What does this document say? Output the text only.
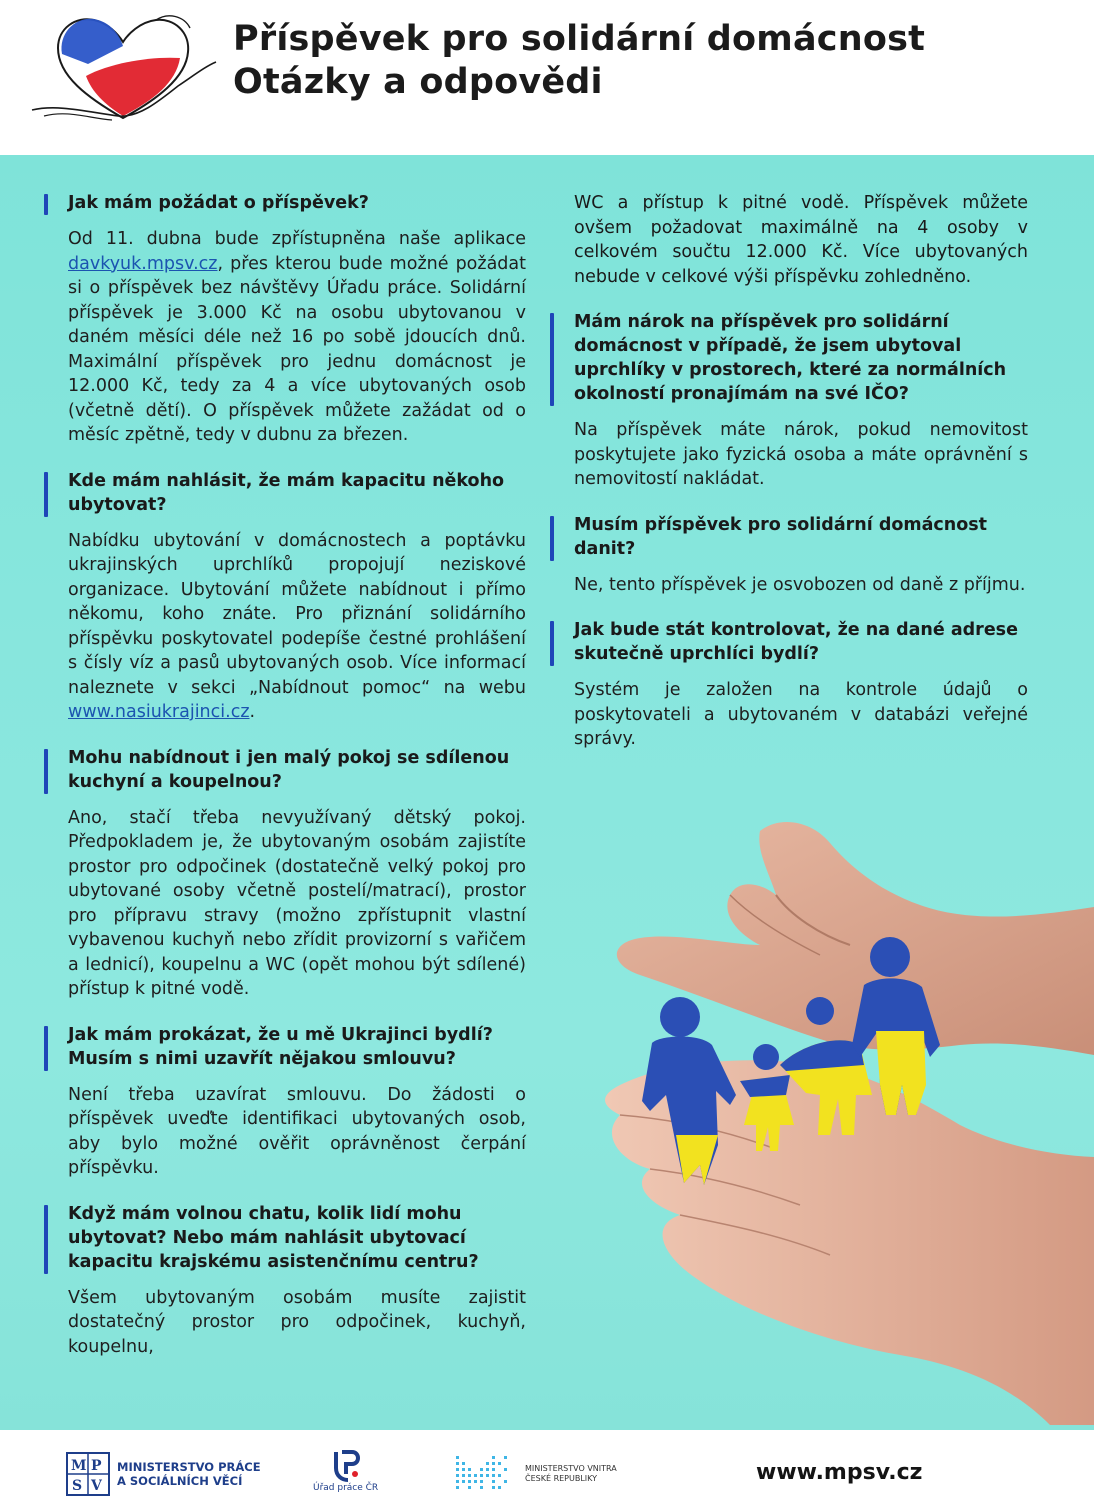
Příspěvek pro solidární domácnost
Otázky a odpovědi
Jak mám požádat o příspěvek?
Od 11. dubna bude zpřístupněna naše aplikace davkyuk.mpsv.cz, přes kterou bude možné požádat si o příspěvek bez návštěvy Úřadu práce. Solidární příspěvek je 3.000 Kč na osobu ubytovanou v daném měsíci déle než 16 po sobě jdoucích dnů. Maximální příspěvek pro jednu domácnost je 12.000 Kč, tedy za 4 a více ubytovaných osob (včetně dětí). O příspěvek můžete zažádat od o měsíc zpětně, tedy v dubnu za březen.
Kde mám nahlásit, že mám kapacitu někoho ubytovat?
Nabídku ubytování v domácnostech a poptávku ukrajinských uprchlíků propojují neziskové organizace. Ubytování můžete nabídnout i přímo někomu, koho znáte. Pro přiznání solidárního příspěvku poskytovatel podepíše čestné prohlášení s čísly víz a pasů ubytovaných osob. Více informací naleznete v sekci „Nabídnout pomoc“ na webu www.nasiukrajinci.cz.
Mohu nabídnout i jen malý pokoj se sdílenou kuchyní a koupelnou?
Ano, stačí třeba nevyužívaný dětský pokoj. Předpokladem je, že ubytovaným osobám zajistíte prostor pro odpočinek (dostatečně velký pokoj pro ubytované osoby včetně postelí/matrací), prostor pro přípravu stravy (možno zpřístupnit vlastní vybavenou kuchyň nebo zřídit provizorní s vařičem a lednicí), koupelnu a WC (opět mohou být sdílené) přístup k pitné vodě.
Jak mám prokázat, že u mě Ukrajinci bydlí? Musím s nimi uzavřít nějakou smlouvu?
Není třeba uzavírat smlouvu. Do žádosti o příspěvek uveďte identifikaci ubytovaných osob, aby bylo možné ověřit oprávněnost čerpání příspěvku.
Když mám volnou chatu, kolik lidí mohu ubytovat? Nebo mám nahlásit ubytovací kapacitu krajskému asistenčnímu centru?
Všem ubytovaným osobám musíte zajistit dostatečný prostor pro odpočinek, kuchyň, koupelnu,
WC a přístup k pitné vodě. Příspěvek můžete ovšem požadovat maximálně na 4 osoby v celkovém součtu 12.000 Kč. Více ubytovaných nebude v celkové výši příspěvku zohledněno.
Mám nárok na příspěvek pro solidární domácnost v případě, že jsem ubytoval uprchlíky v prostorech, které za normálních okolností pronajímám na své IČO?
Na příspěvek máte nárok, pokud nemovitost poskytujete jako fyzická osoba a máte oprávnění s nemovitostí nakládat.
Musím příspěvek pro solidární domácnost danit?
Ne, tento příspěvek je osvobozen od daně z příjmu.
Jak bude stát kontrolovat, že na dané adrese skutečně uprchlíci bydlí?
Systém je založen na kontrole údajů o poskytovateli a ubytovaném v databázi veřejné správy.
M P
S V
MINISTERSTVO PRÁCE
A SOCIÁLNÍCH VĚCÍ	Úřad práce ČR
MINISTERSTVO VNITRA
ČESKÉ REPUBLIKY	www.mpsv.cz
